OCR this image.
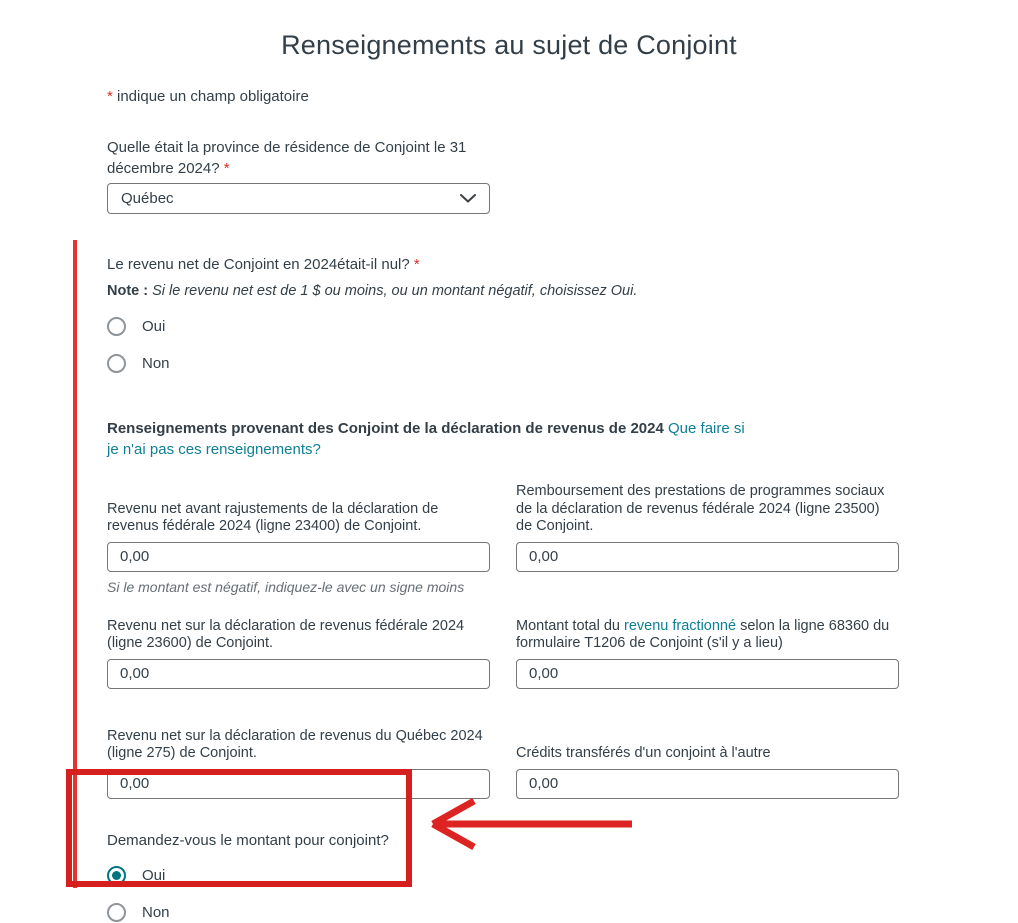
Renseignements au sujet de Conjoint
* indique un champ obligatoire
Quelle était la province de résidence de Conjoint le 31 décembre 2024? *
Québec
Le revenu net de Conjoint en 2024était-il nul? *
Note : Si le revenu net est de 1 $ ou moins, ou un montant négatif, choisissez Oui.
Oui
Non
Renseignements provenant des Conjoint de la déclaration de revenus de 2024 Que faire si je n'ai pas ces renseignements?
Revenu net avant rajustements de la déclaration de revenus fédérale 2024 (ligne 23400) de Conjoint.
0,00
Remboursement des prestations de programmes sociaux de la déclaration de revenus fédérale 2024 (ligne 23500) de Conjoint.
0,00
Si le montant est négatif, indiquez-le avec un signe moins
Revenu net sur la déclaration de revenus fédérale 2024 (ligne 23600) de Conjoint.
0,00
Montant total du revenu fractionné selon la ligne 68360 du formulaire T1206 de Conjoint (s'il y a lieu)
0,00
Revenu net sur la déclaration de revenus du Québec 2024 (ligne 275) de Conjoint.
0,00	Crédits transférés d'un conjoint à l'autre
0,00
Demandez-vous le montant pour conjoint?
Oui
Non
